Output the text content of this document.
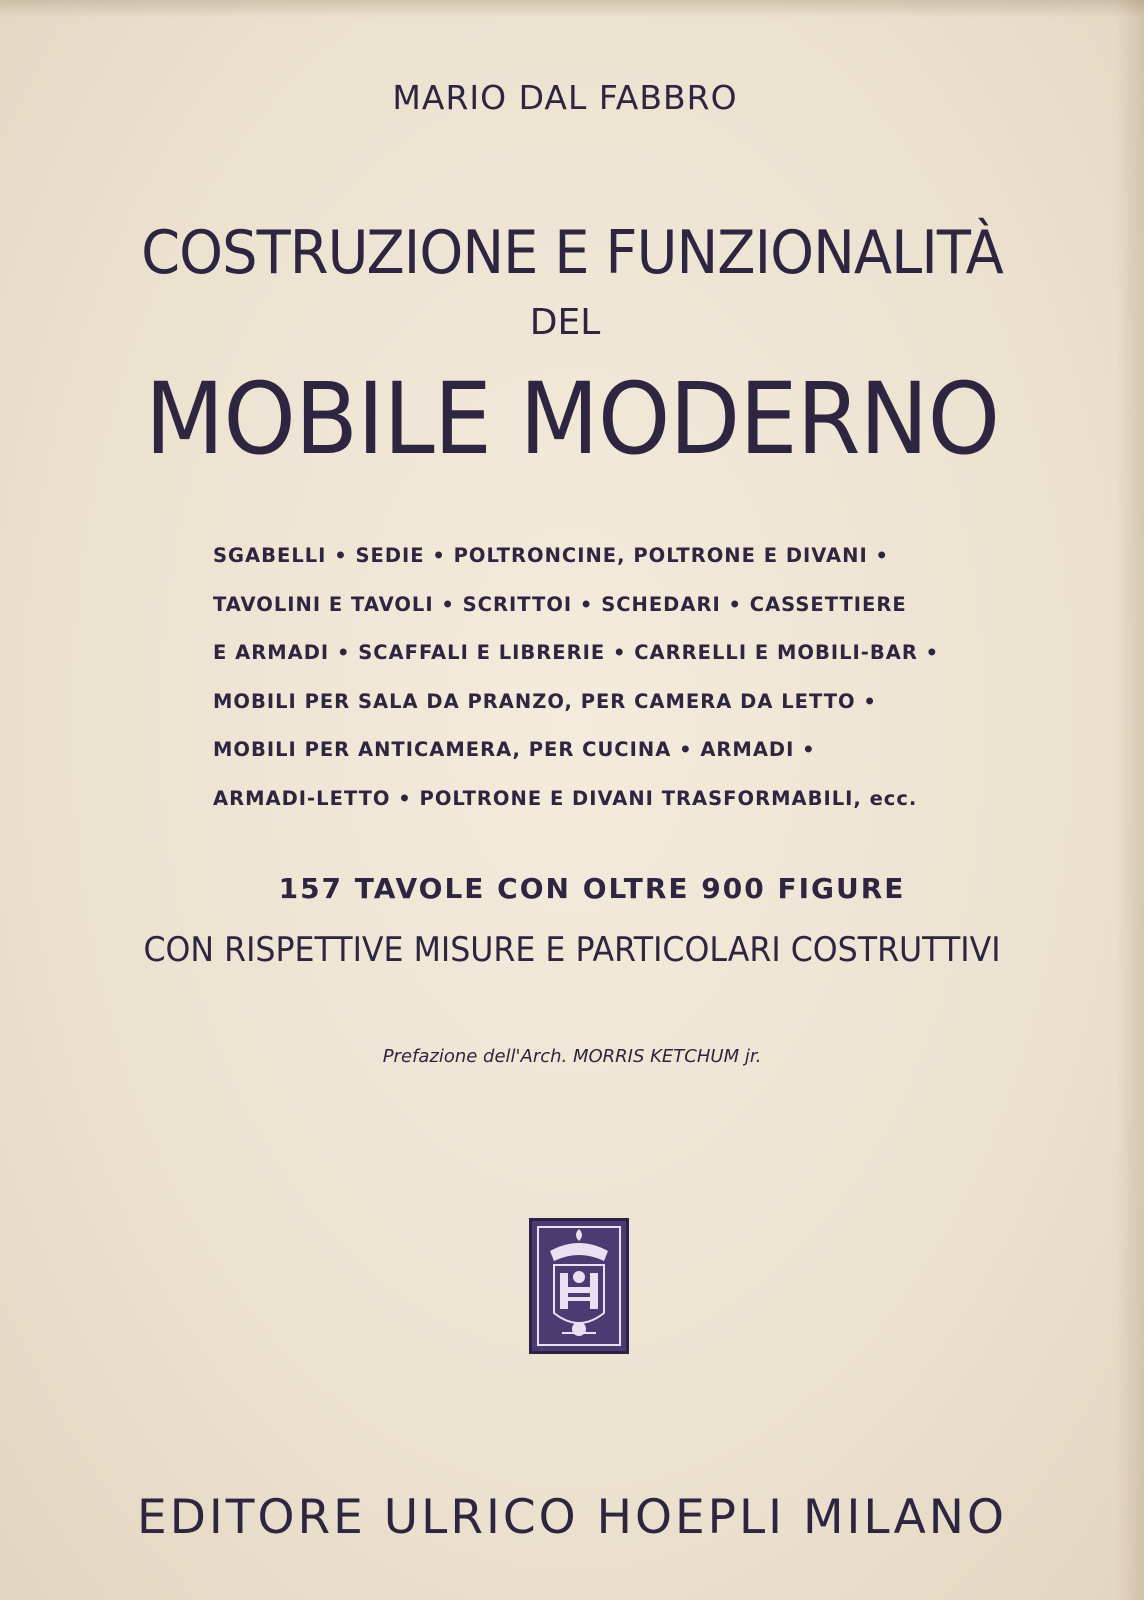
MARIO DAL FABBRO
COSTRUZIONE E FUNZIONALITÀ
DEL
MOBILE MODERNO
SGABELLI • SEDIE • POLTRONCINE, POLTRONE E DIVANI •
TAVOLINI E TAVOLI • SCRITTOI • SCHEDARI • CASSETTIERE
E ARMADI • SCAFFALI E LIBRERIE • CARRELLI E MOBILI-BAR •
MOBILI PER SALA DA PRANZO, PER CAMERA DA LETTO •
MOBILI PER ANTICAMERA, PER CUCINA • ARMADI •
ARMADI-LETTO • POLTRONE E DIVANI TRASFORMABILI, ecc.
157 TAVOLE CON OLTRE 900 FIGURE
CON RISPETTIVE MISURE E PARTICOLARI COSTRUTTIVI
Prefazione dell'Arch. MORRIS KETCHUM jr.
EDITORE ULRICO HOEPLI MILANO
